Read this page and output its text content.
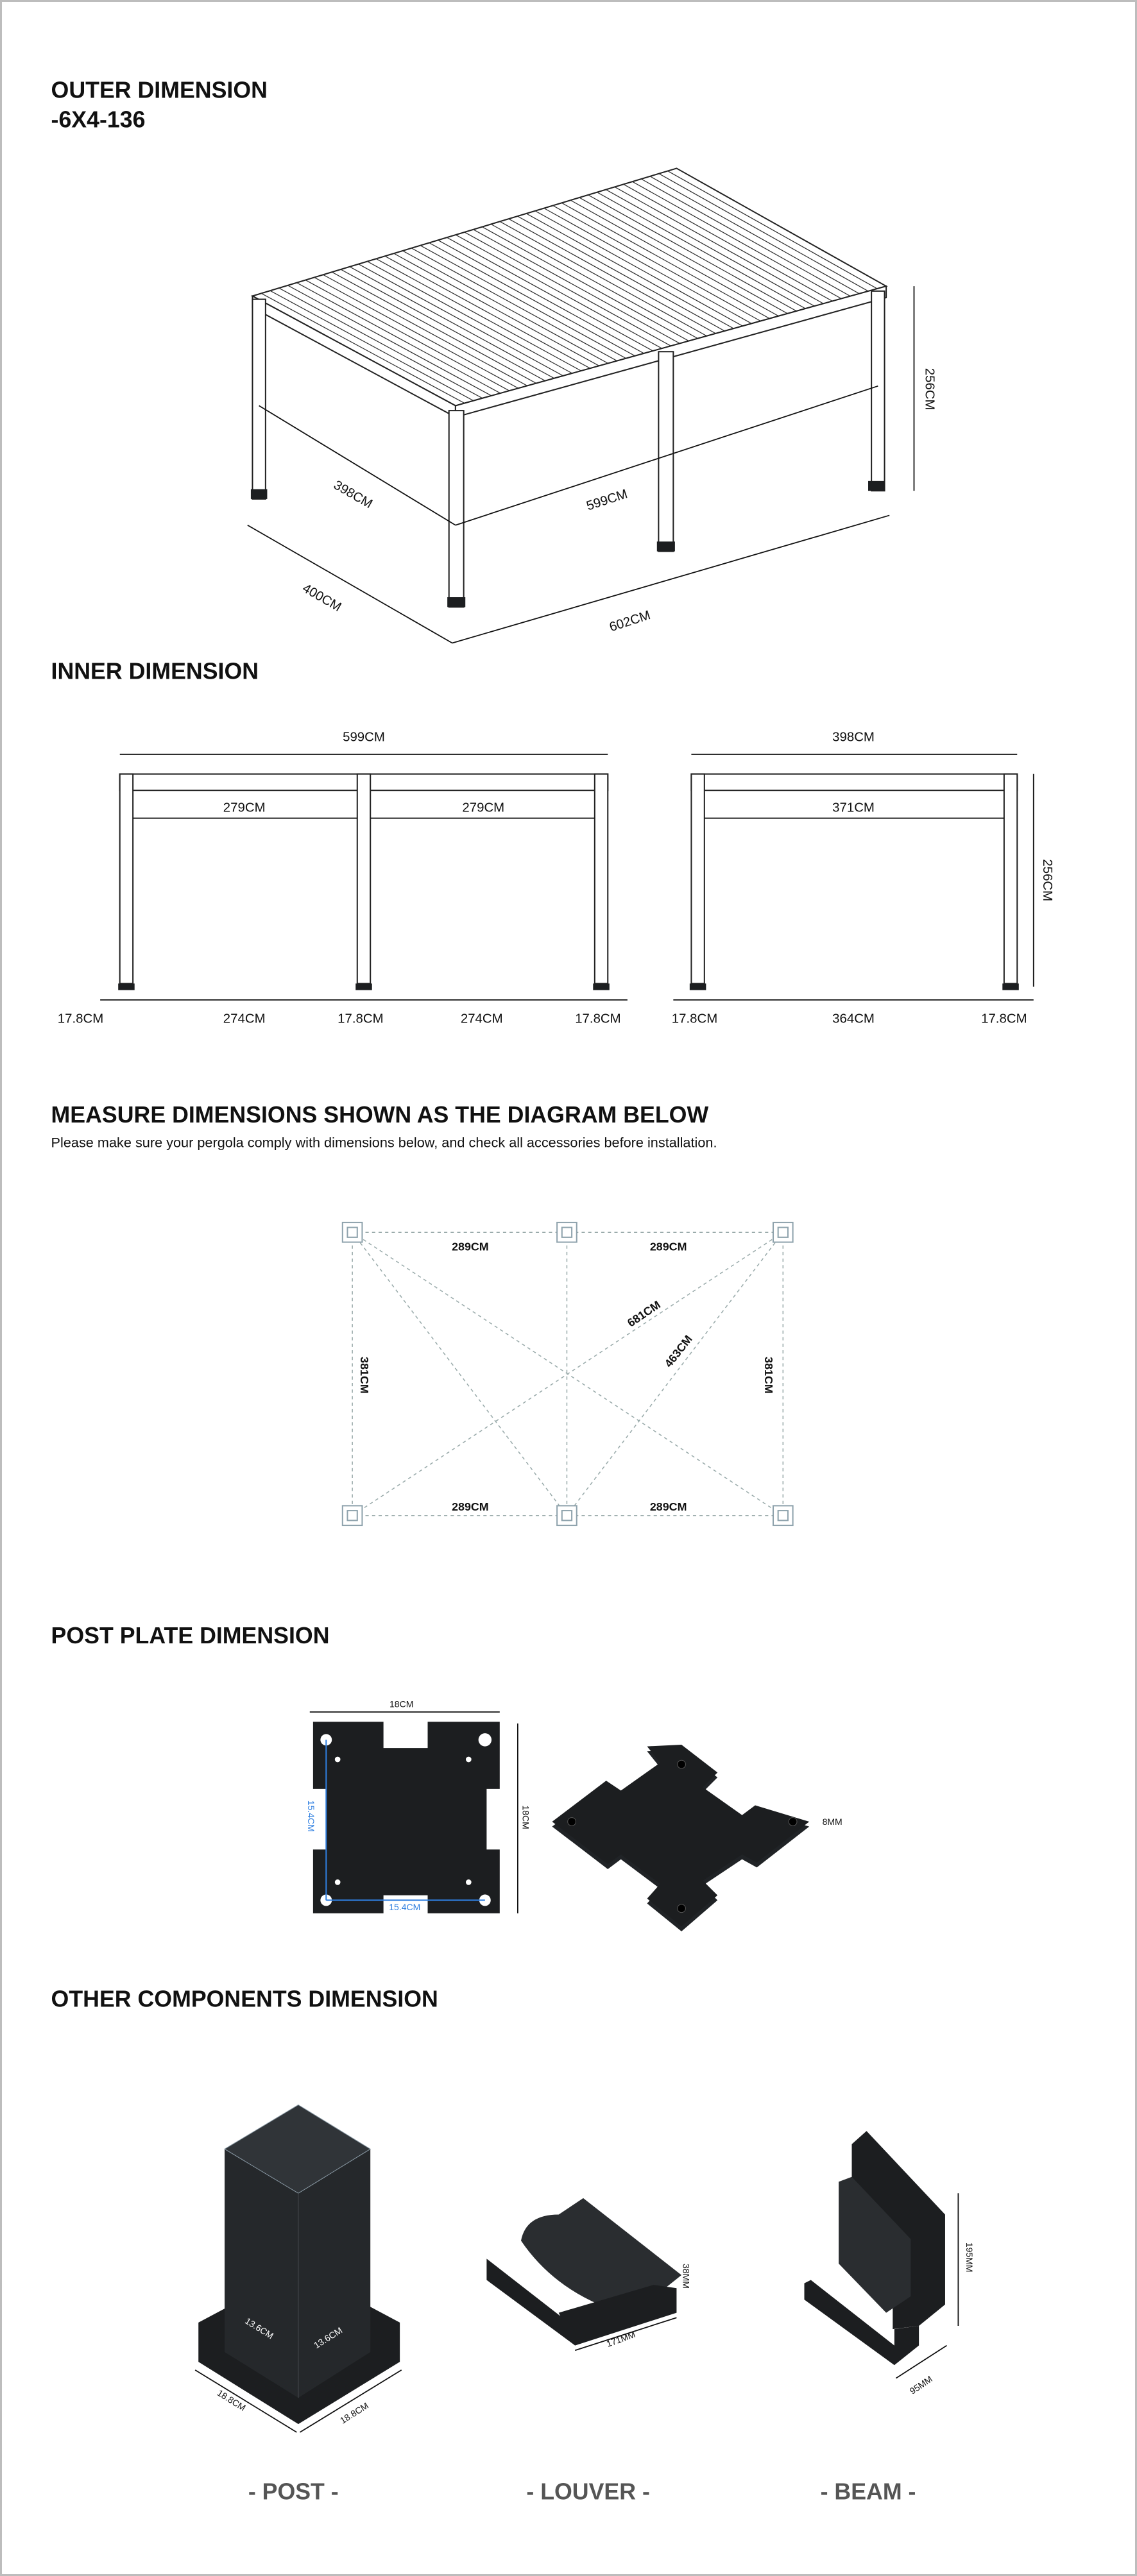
OUTER DIMENSION
-6X4-136
398CM	599CM
400CM
602CM
256CM
INNER DIMENSION
599CM
279CM	279CM
17.8CM	274CM	17.8CM	274CM	17.8CM
398CM
371CM
256CM
17.8CM	364CM	17.8CM
MEASURE DIMENSIONS SHOWN AS THE DIAGRAM BELOW
Please make sure your pergola comply with dimensions below, and check all accessories before installation.
289CM	289CM
289CM	289CM
381CM	381CM
681CM
463CM
POST PLATE DIMENSION
18CM
15.4CM
15.4CM
18CM	8MM
OTHER COMPONENTS DIMENSION
13.6CM	13.6CM
18.8CM
18.8CM
171MM
38MM
195MM
95MM
- POST -	- LOUVER -	- BEAM -
